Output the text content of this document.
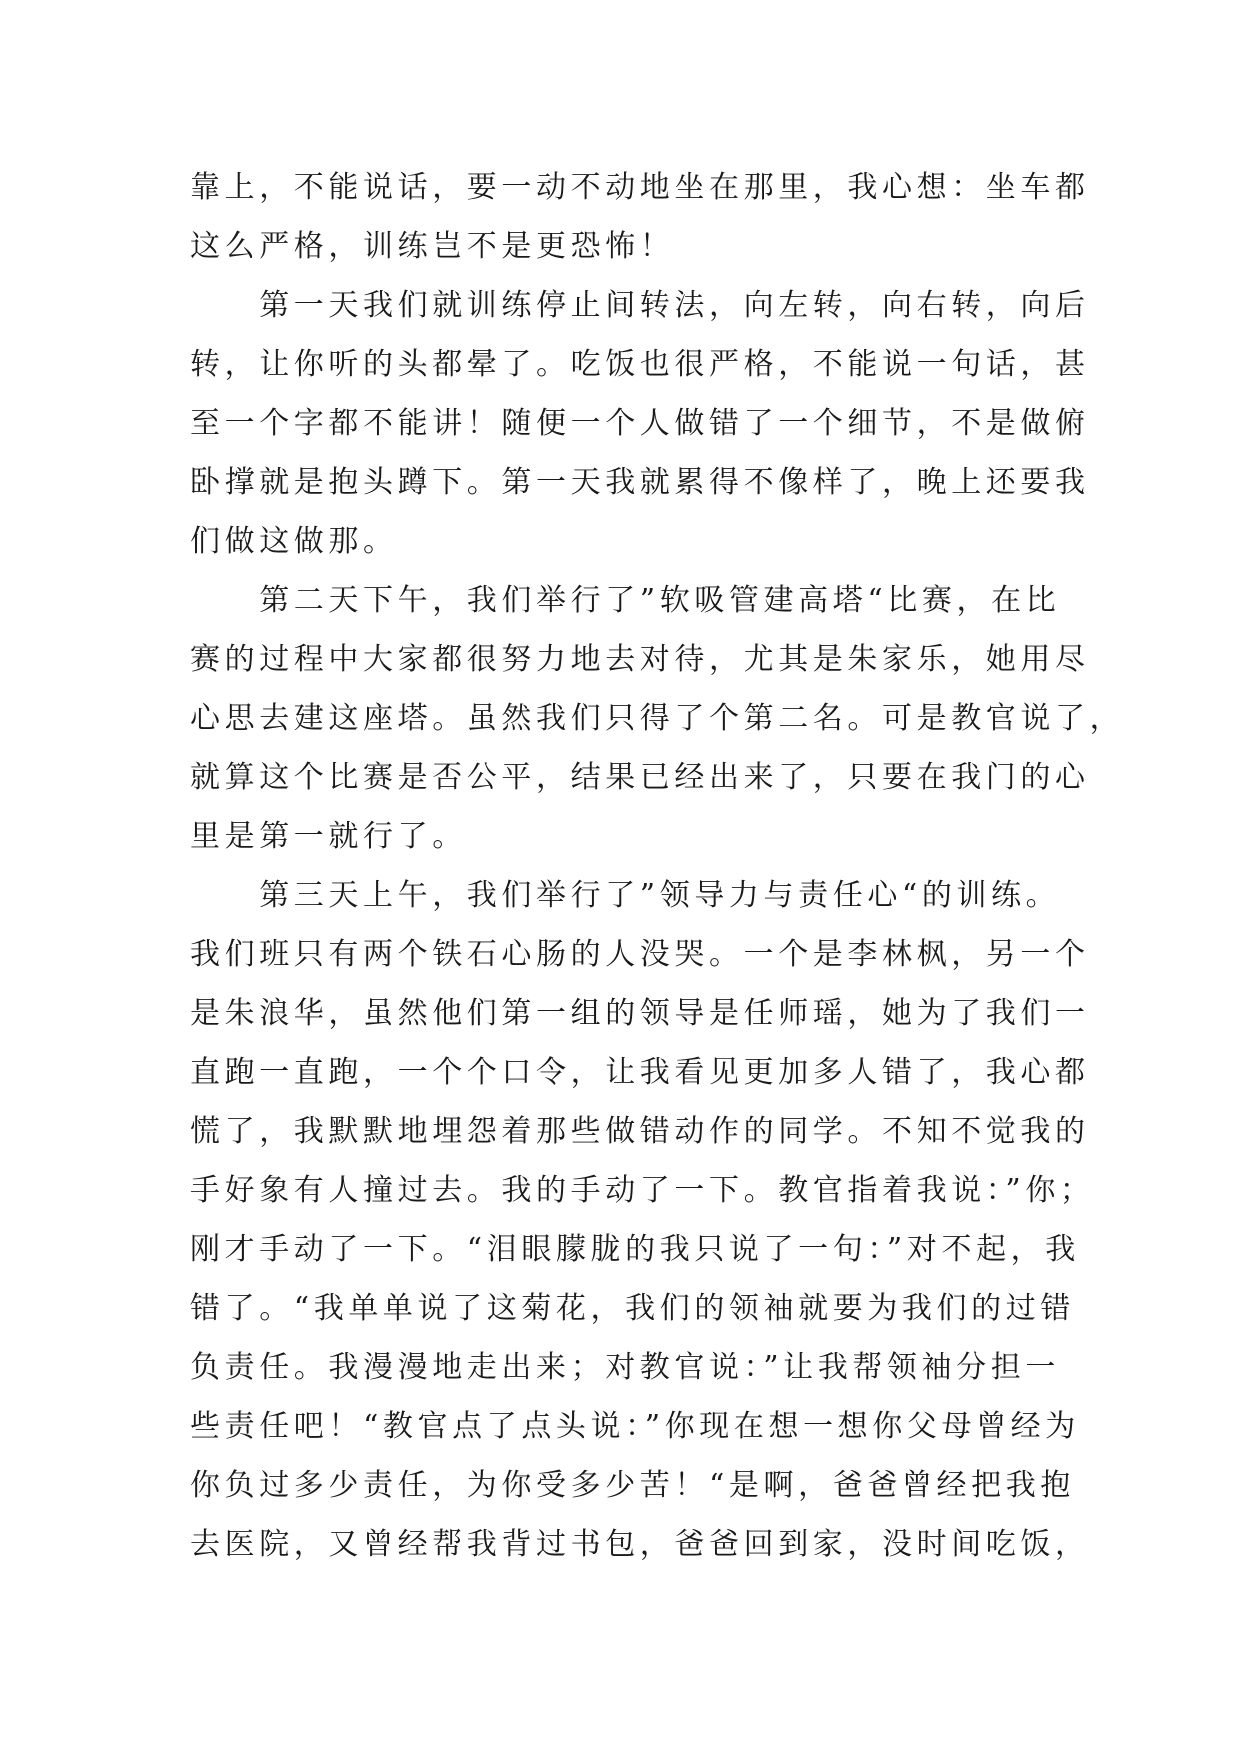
靠上，不能说话，要一动不动地坐在那里，我心想：坐车都
这么严格，训练岂不是更恐怖！
　　第一天我们就训练停止间转法，向左转，向右转，向后
转，让你听的头都晕了。吃饭也很严格，不能说一句话，甚
至一个字都不能讲！随便一个人做错了一个细节，不是做俯
卧撑就是抱头蹲下。第一天我就累得不像样了，晚上还要我
们做这做那。
　　第二天下午，我们举行了”软吸管建高塔“比赛，在比
赛的过程中大家都很努力地去对待，尤其是朱家乐，她用尽
心思去建这座塔。虽然我们只得了个第二名。可是教官说了，
就算这个比赛是否公平，结果已经出来了，只要在我门的心
里是第一就行了。
　　第三天上午，我们举行了”领导力与责任心“的训练。
我们班只有两个铁石心肠的人没哭。一个是李林枫，另一个
是朱浪华，虽然他们第一组的领导是任师瑶，她为了我们一
直跑一直跑，一个个口令，让我看见更加多人错了，我心都
慌了，我默默地埋怨着那些做错动作的同学。不知不觉我的
手好象有人撞过去。我的手动了一下。教官指着我说：”你；
刚才手动了一下。“泪眼朦胧的我只说了一句：”对不起，我
错了。“我单单说了这菊花，我们的领袖就要为我们的过错
负责任。我漫漫地走出来；对教官说：”让我帮领袖分担一
些责任吧！“教官点了点头说：”你现在想一想你父母曾经为
你负过多少责任，为你受多少苦！“是啊，爸爸曾经把我抱
去医院，又曾经帮我背过书包，爸爸回到家，没时间吃饭，
